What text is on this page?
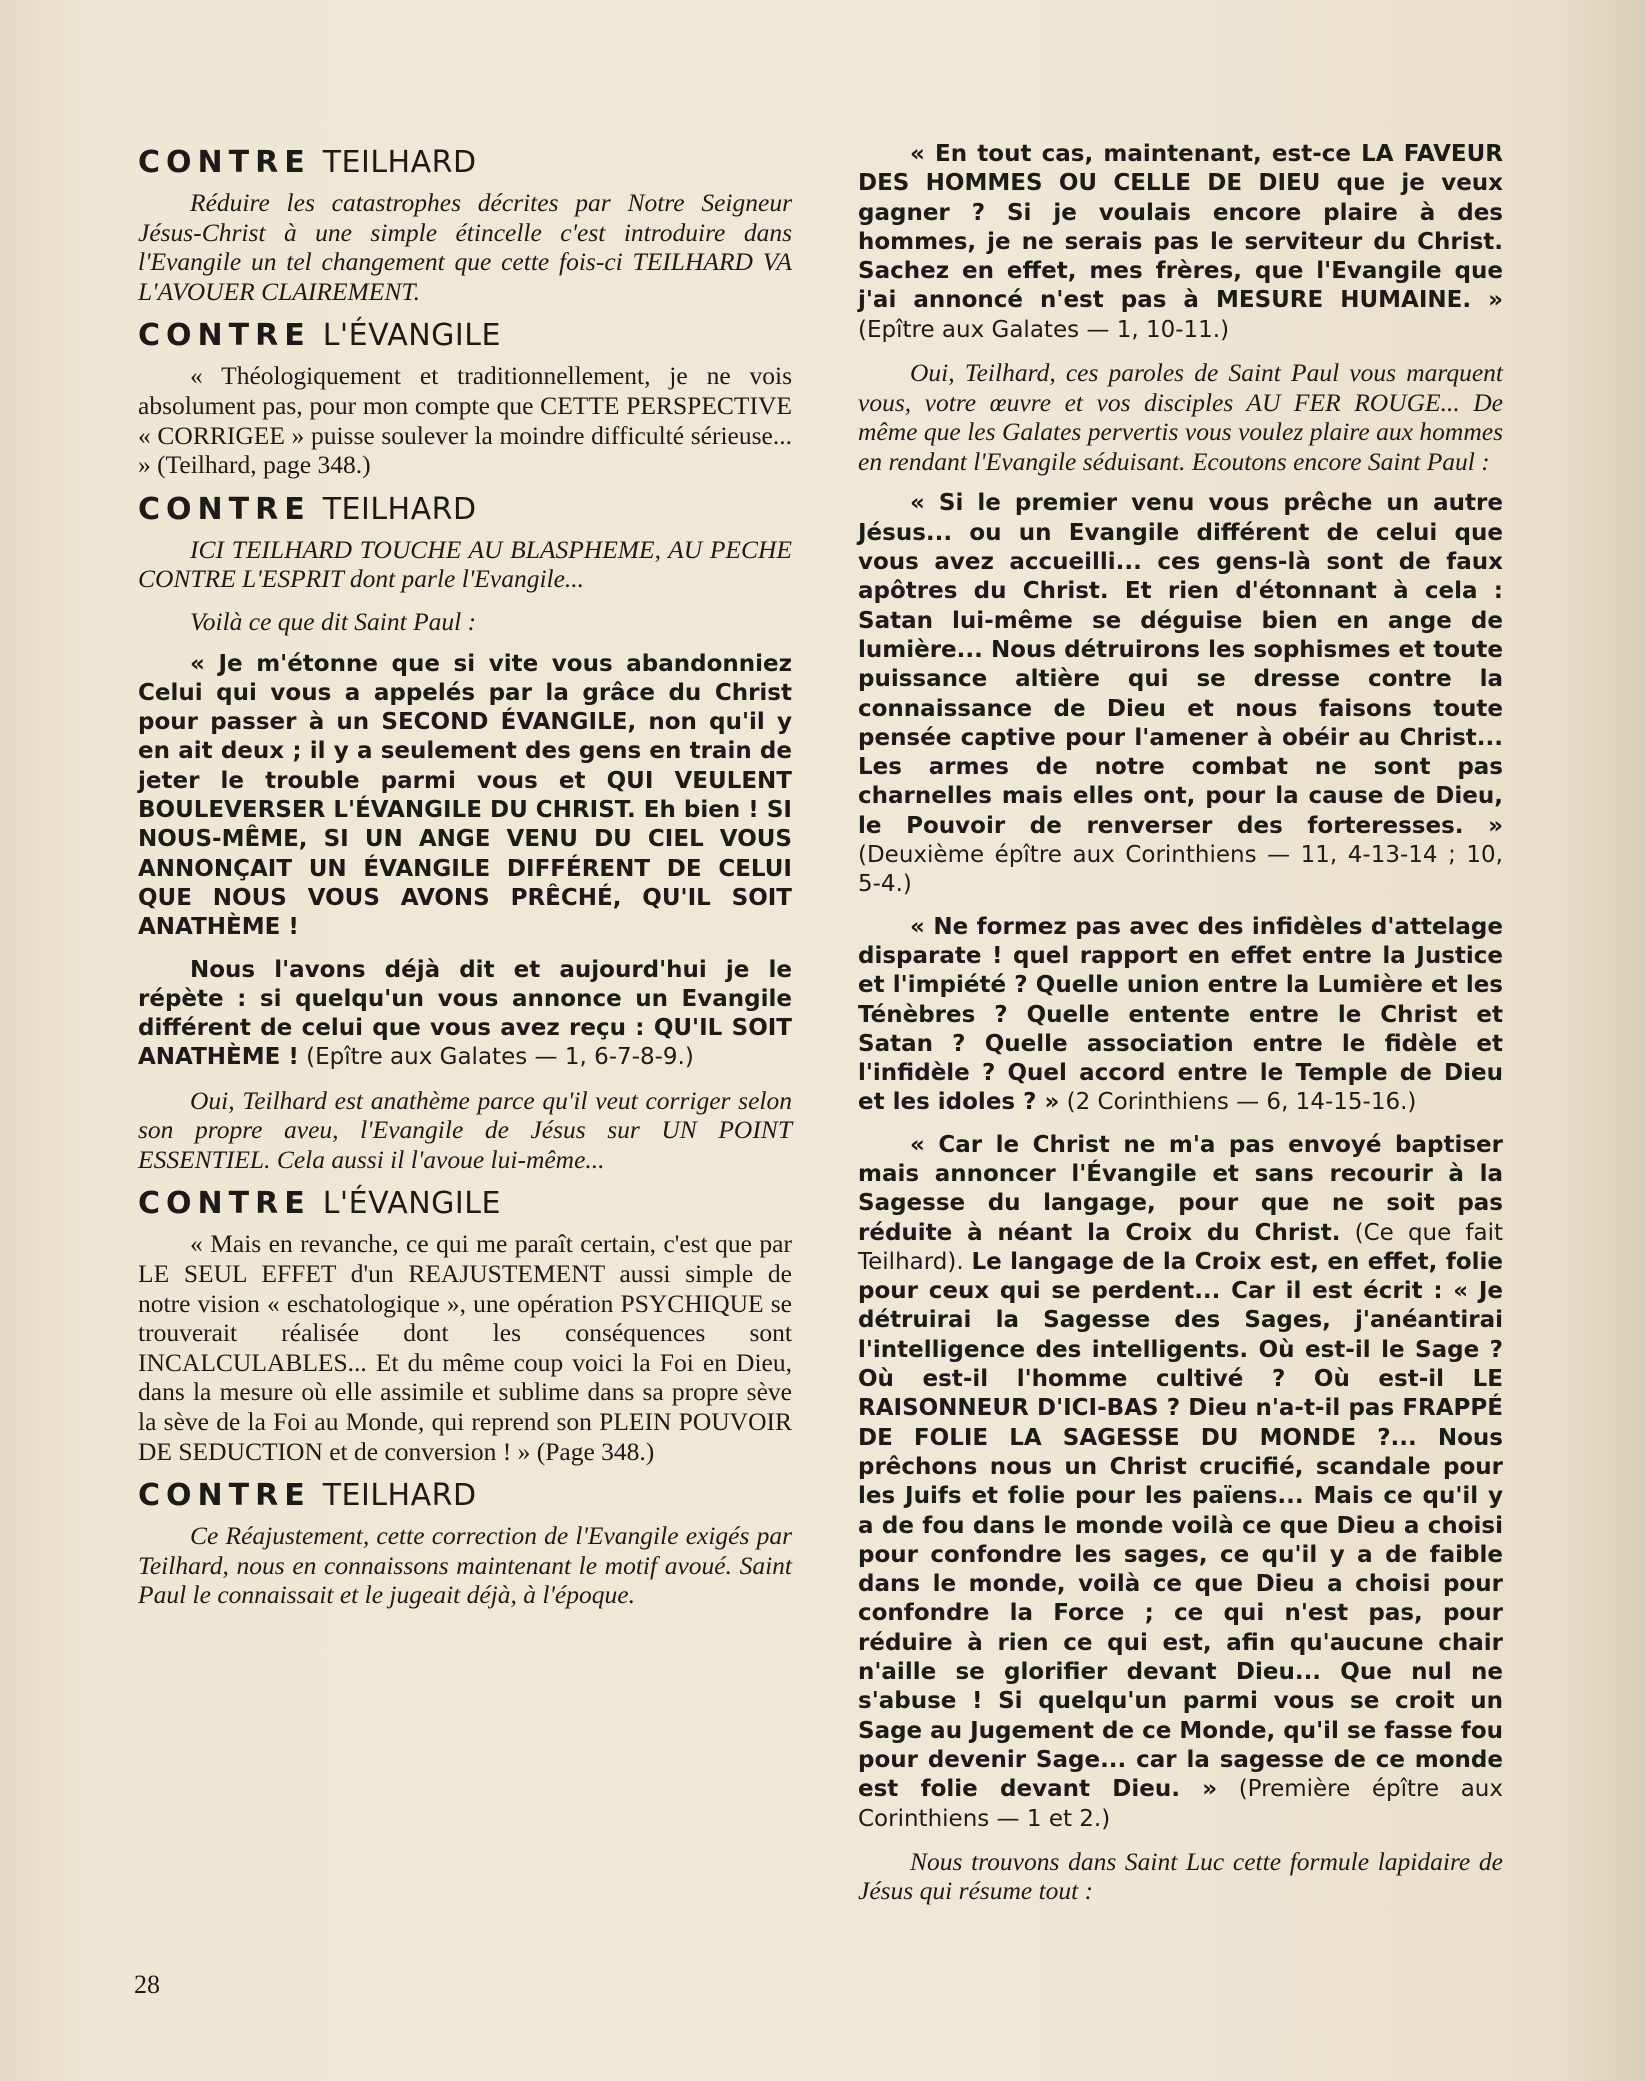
CONTRE TEILHARD

Réduire les catastrophes décrites par Notre Seigneur Jésus-Christ à une simple étincelle c'est introduire dans l'Evangile un tel changement que cette fois-ci TEILHARD VA L'AVOUER CLAIREMENT.

CONTRE L'ÉVANGILE

« Théologiquement et traditionnellement, je ne vois absolument pas, pour mon compte que CETTE PERSPECTIVE « CORRIGEE » puisse soulever la moindre difficulté sérieuse... » (Teilhard, page 348.)

CONTRE TEILHARD

ICI TEILHARD TOUCHE AU BLASPHEME, AU PECHE CONTRE L'ESPRIT dont parle l'Evangile...

Voilà ce que dit Saint Paul :

« Je m'étonne que si vite vous abandonniez Celui qui vous a appelés par la grâce du Christ pour passer à un SECOND ÉVANGILE, non qu'il y en ait deux ; il y a seulement des gens en train de jeter le trouble parmi vous et QUI VEULENT BOULEVERSER L'ÉVANGILE DU CHRIST. Eh bien ! SI NOUS-MÊME, SI UN ANGE VENU DU CIEL VOUS ANNONÇAIT UN ÉVANGILE DIFFÉRENT DE CELUI QUE NOUS VOUS AVONS PRÊCHÉ, QU'IL SOIT ANATHÈME !

Nous l'avons déjà dit et aujourd'hui je le répète : si quelqu'un vous annonce un Evangile différent de celui que vous avez reçu : QU'IL SOIT ANATHÈME ! (Epître aux Galates — 1, 6-7-8-9.)

Oui, Teilhard est anathème parce qu'il veut corriger selon son propre aveu, l'Evangile de Jésus sur UN POINT ESSENTIEL. Cela aussi il l'avoue lui-même...

CONTRE L'ÉVANGILE

« Mais en revanche, ce qui me paraît certain, c'est que par LE SEUL EFFET d'un REAJUSTEMENT aussi simple de notre vision « eschatologique », une opération PSYCHIQUE se trouverait réalisée dont les conséquences sont INCALCULABLES... Et du même coup voici la Foi en Dieu, dans la mesure où elle assimile et sublime dans sa propre sève la sève de la Foi au Monde, qui reprend son PLEIN POUVOIR DE SEDUCTION et de conversion ! » (Page 348.)

CONTRE TEILHARD

Ce Réajustement, cette correction de l'Evangile exigés par Teilhard, nous en connaissons maintenant le motif avoué. Saint Paul le connaissait et le jugeait déjà, à l'époque.

« En tout cas, maintenant, est-ce LA FAVEUR DES HOMMES OU CELLE DE DIEU que je veux gagner ? Si je voulais encore plaire à des hommes, je ne serais pas le serviteur du Christ. Sachez en effet, mes frères, que l'Evangile que j'ai annoncé n'est pas à MESURE HUMAINE. » (Epître aux Galates — 1, 10-11.)

Oui, Teilhard, ces paroles de Saint Paul vous marquent vous, votre œuvre et vos disciples AU FER ROUGE... De même que les Galates pervertis vous voulez plaire aux hommes en rendant l'Evangile séduisant. Ecoutons encore Saint Paul :

« Si le premier venu vous prêche un autre Jésus... ou un Evangile différent de celui que vous avez accueilli... ces gens-là sont de faux apôtres du Christ. Et rien d'étonnant à cela : Satan lui-même se déguise bien en ange de lumière... Nous détruirons les sophismes et toute puissance altière qui se dresse contre la connaissance de Dieu et nous faisons toute pensée captive pour l'amener à obéir au Christ... Les armes de notre combat ne sont pas charnelles mais elles ont, pour la cause de Dieu, le Pouvoir de renverser des forteresses. » (Deuxième épître aux Corinthiens — 11, 4-13-14 ; 10, 5-4.)

« Ne formez pas avec des infidèles d'attelage disparate ! quel rapport en effet entre la Justice et l'impiété ? Quelle union entre la Lumière et les Ténèbres ? Quelle entente entre le Christ et Satan ? Quelle association entre le fidèle et l'infidèle ? Quel accord entre le Temple de Dieu et les idoles ? » (2 Corinthiens — 6, 14-15-16.)

« Car le Christ ne m'a pas envoyé baptiser mais annoncer l'Évangile et sans recourir à la Sagesse du langage, pour que ne soit pas réduite à néant la Croix du Christ. (Ce que fait Teilhard). Le langage de la Croix est, en effet, folie pour ceux qui se perdent... Car il est écrit : « Je détruirai la Sagesse des Sages, j'anéantirai l'intelligence des intelligents. Où est-il le Sage ? Où est-il l'homme cultivé ? Où est-il LE RAISONNEUR D'ICI-BAS ? Dieu n'a-t-il pas FRAPPÉ DE FOLIE LA SAGESSE DU MONDE ?... Nous prêchons nous un Christ crucifié, scandale pour les Juifs et folie pour les païens... Mais ce qu'il y a de fou dans le monde voilà ce que Dieu a choisi pour confondre les sages, ce qu'il y a de faible dans le monde, voilà ce que Dieu a choisi pour confondre la Force ; ce qui n'est pas, pour réduire à rien ce qui est, afin qu'aucune chair n'aille se glorifier devant Dieu... Que nul ne s'abuse ! Si quelqu'un parmi vous se croit un Sage au Jugement de ce Monde, qu'il se fasse fou pour devenir Sage... car la sagesse de ce monde est folie devant Dieu. » (Première épître aux Corinthiens — 1 et 2.)

Nous trouvons dans Saint Luc cette formule lapidaire de Jésus qui résume tout :

28
